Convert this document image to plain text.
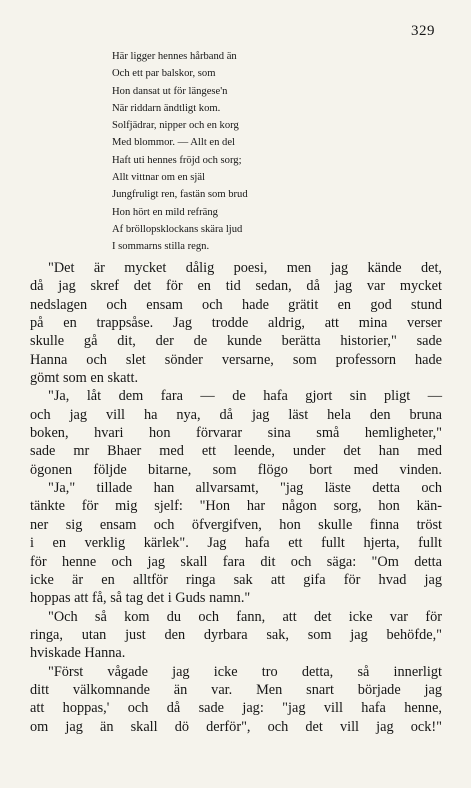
329
Här ligger hennes hårband än
Och ett par balskor, som
Hon dansat ut för längese'n
När riddarn ändtligt kom.
Solfjädrar, nipper och en korg
Med blommor. — Allt en del
Haft uti hennes fröjd och sorg;
Allt vittnar om en själ
Jungfruligt ren, fastän som brud
Hon hört en mild refräng
Af bröllopsklockans skära ljud
I sommarns stilla regn.
"Det är mycket dålig poesi, men jag kände det,
då jag skref det för en tid sedan, då jag var mycket
nedslagen och ensam och hade grätit en god stund
på en trappsåse. Jag trodde aldrig, att mina verser
skulle gå dit, der de kunde berätta historier," sade
Hanna och slet sönder versarne, som professorn hade
gömt som en skatt.
"Ja, låt dem fara — de hafa gjort sin pligt —
och jag vill ha nya, då jag läst hela den bruna
boken, hvari hon förvarar sina små hemligheter,"
sade mr Bhaer med ett leende, under det han med
ögonen följde bitarne, som flögo bort med vinden.
"Ja," tillade han allvarsamt, "jag läste detta och
tänkte för mig sjelf: "Hon har någon sorg, hon kän-
ner sig ensam och öfvergifven, hon skulle finna tröst
i en verklig kärlek". Jag hafa ett fullt hjerta, fullt
för henne och jag skall fara dit och säga: "Om detta
icke är en alltför ringa sak att gifa för hvad jag
hoppas att få, så tag det i Guds namn."
"Och så kom du och fann, att det icke var för
ringa, utan just den dyrbara sak, som jag behöfde,"
hviskade Hanna.
"Först vågade jag icke tro detta, så innerligt
ditt välkomnande än var. Men snart började jag
att hoppas,' och då sade jag: "jag vill hafa henne,
om jag än skall dö derför", och det vill jag ock!"
